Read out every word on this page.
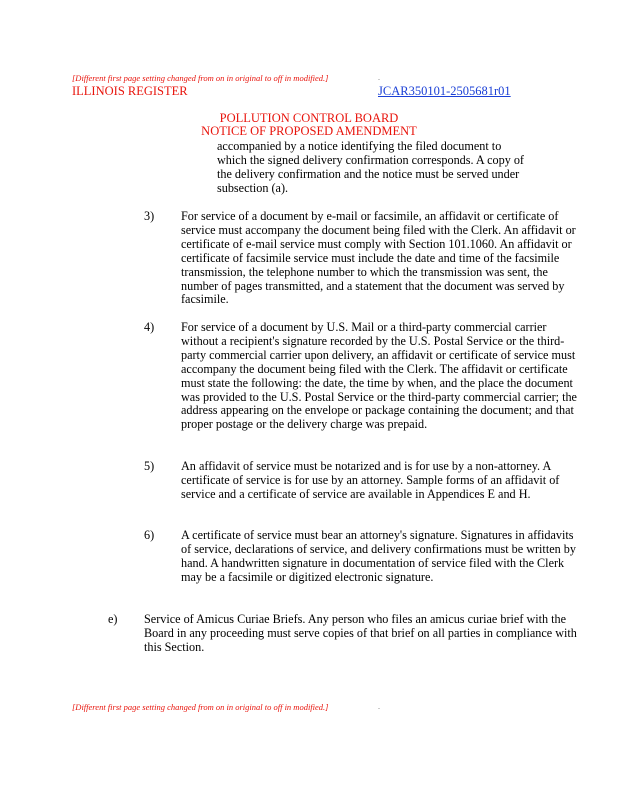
[Different first page setting changed from on in original to off in modified.]	.
ILLINOIS REGISTER	JCAR350101-2505681r01
POLLUTION CONTROL BOARD
NOTICE OF PROPOSED AMENDMENT
accompanied by a notice identifying the filed document to which the signed delivery confirmation corresponds. A copy of the delivery confirmation and the notice must be served under subsection (a).
3) For service of a document by e-mail or facsimile, an affidavit or certificate of service must accompany the document being filed with the Clerk. An affidavit or certificate of e-mail service must comply with Section 101.1060. An affidavit or certificate of facsimile service must include the date and time of the facsimile transmission, the telephone number to which the transmission was sent, the number of pages transmitted, and a statement that the document was served by facsimile.
4) For service of a document by U.S. Mail or a third-party commercial carrier without a recipient's signature recorded by the U.S. Postal Service or the third-party commercial carrier upon delivery, an affidavit or certificate of service must accompany the document being filed with the Clerk. The affidavit or certificate must state the following: the date, the time by when, and the place the document was provided to the U.S. Postal Service or the third-party commercial carrier; the address appearing on the envelope or package containing the document; and that proper postage or the delivery charge was prepaid.
5) An affidavit of service must be notarized and is for use by a non-attorney. A certificate of service is for use by an attorney. Sample forms of an affidavit of service and a certificate of service are available in Appendices E and H.
6) A certificate of service must bear an attorney's signature. Signatures in affidavits of service, declarations of service, and delivery confirmations must be written by hand. A handwritten signature in documentation of service filed with the Clerk may be a facsimile or digitized electronic signature.
e) Service of Amicus Curiae Briefs. Any person who files an amicus curiae brief with the Board in any proceeding must serve copies of that brief on all parties in compliance with this Section.
[Different first page setting changed from on in original to off in modified.]	.
